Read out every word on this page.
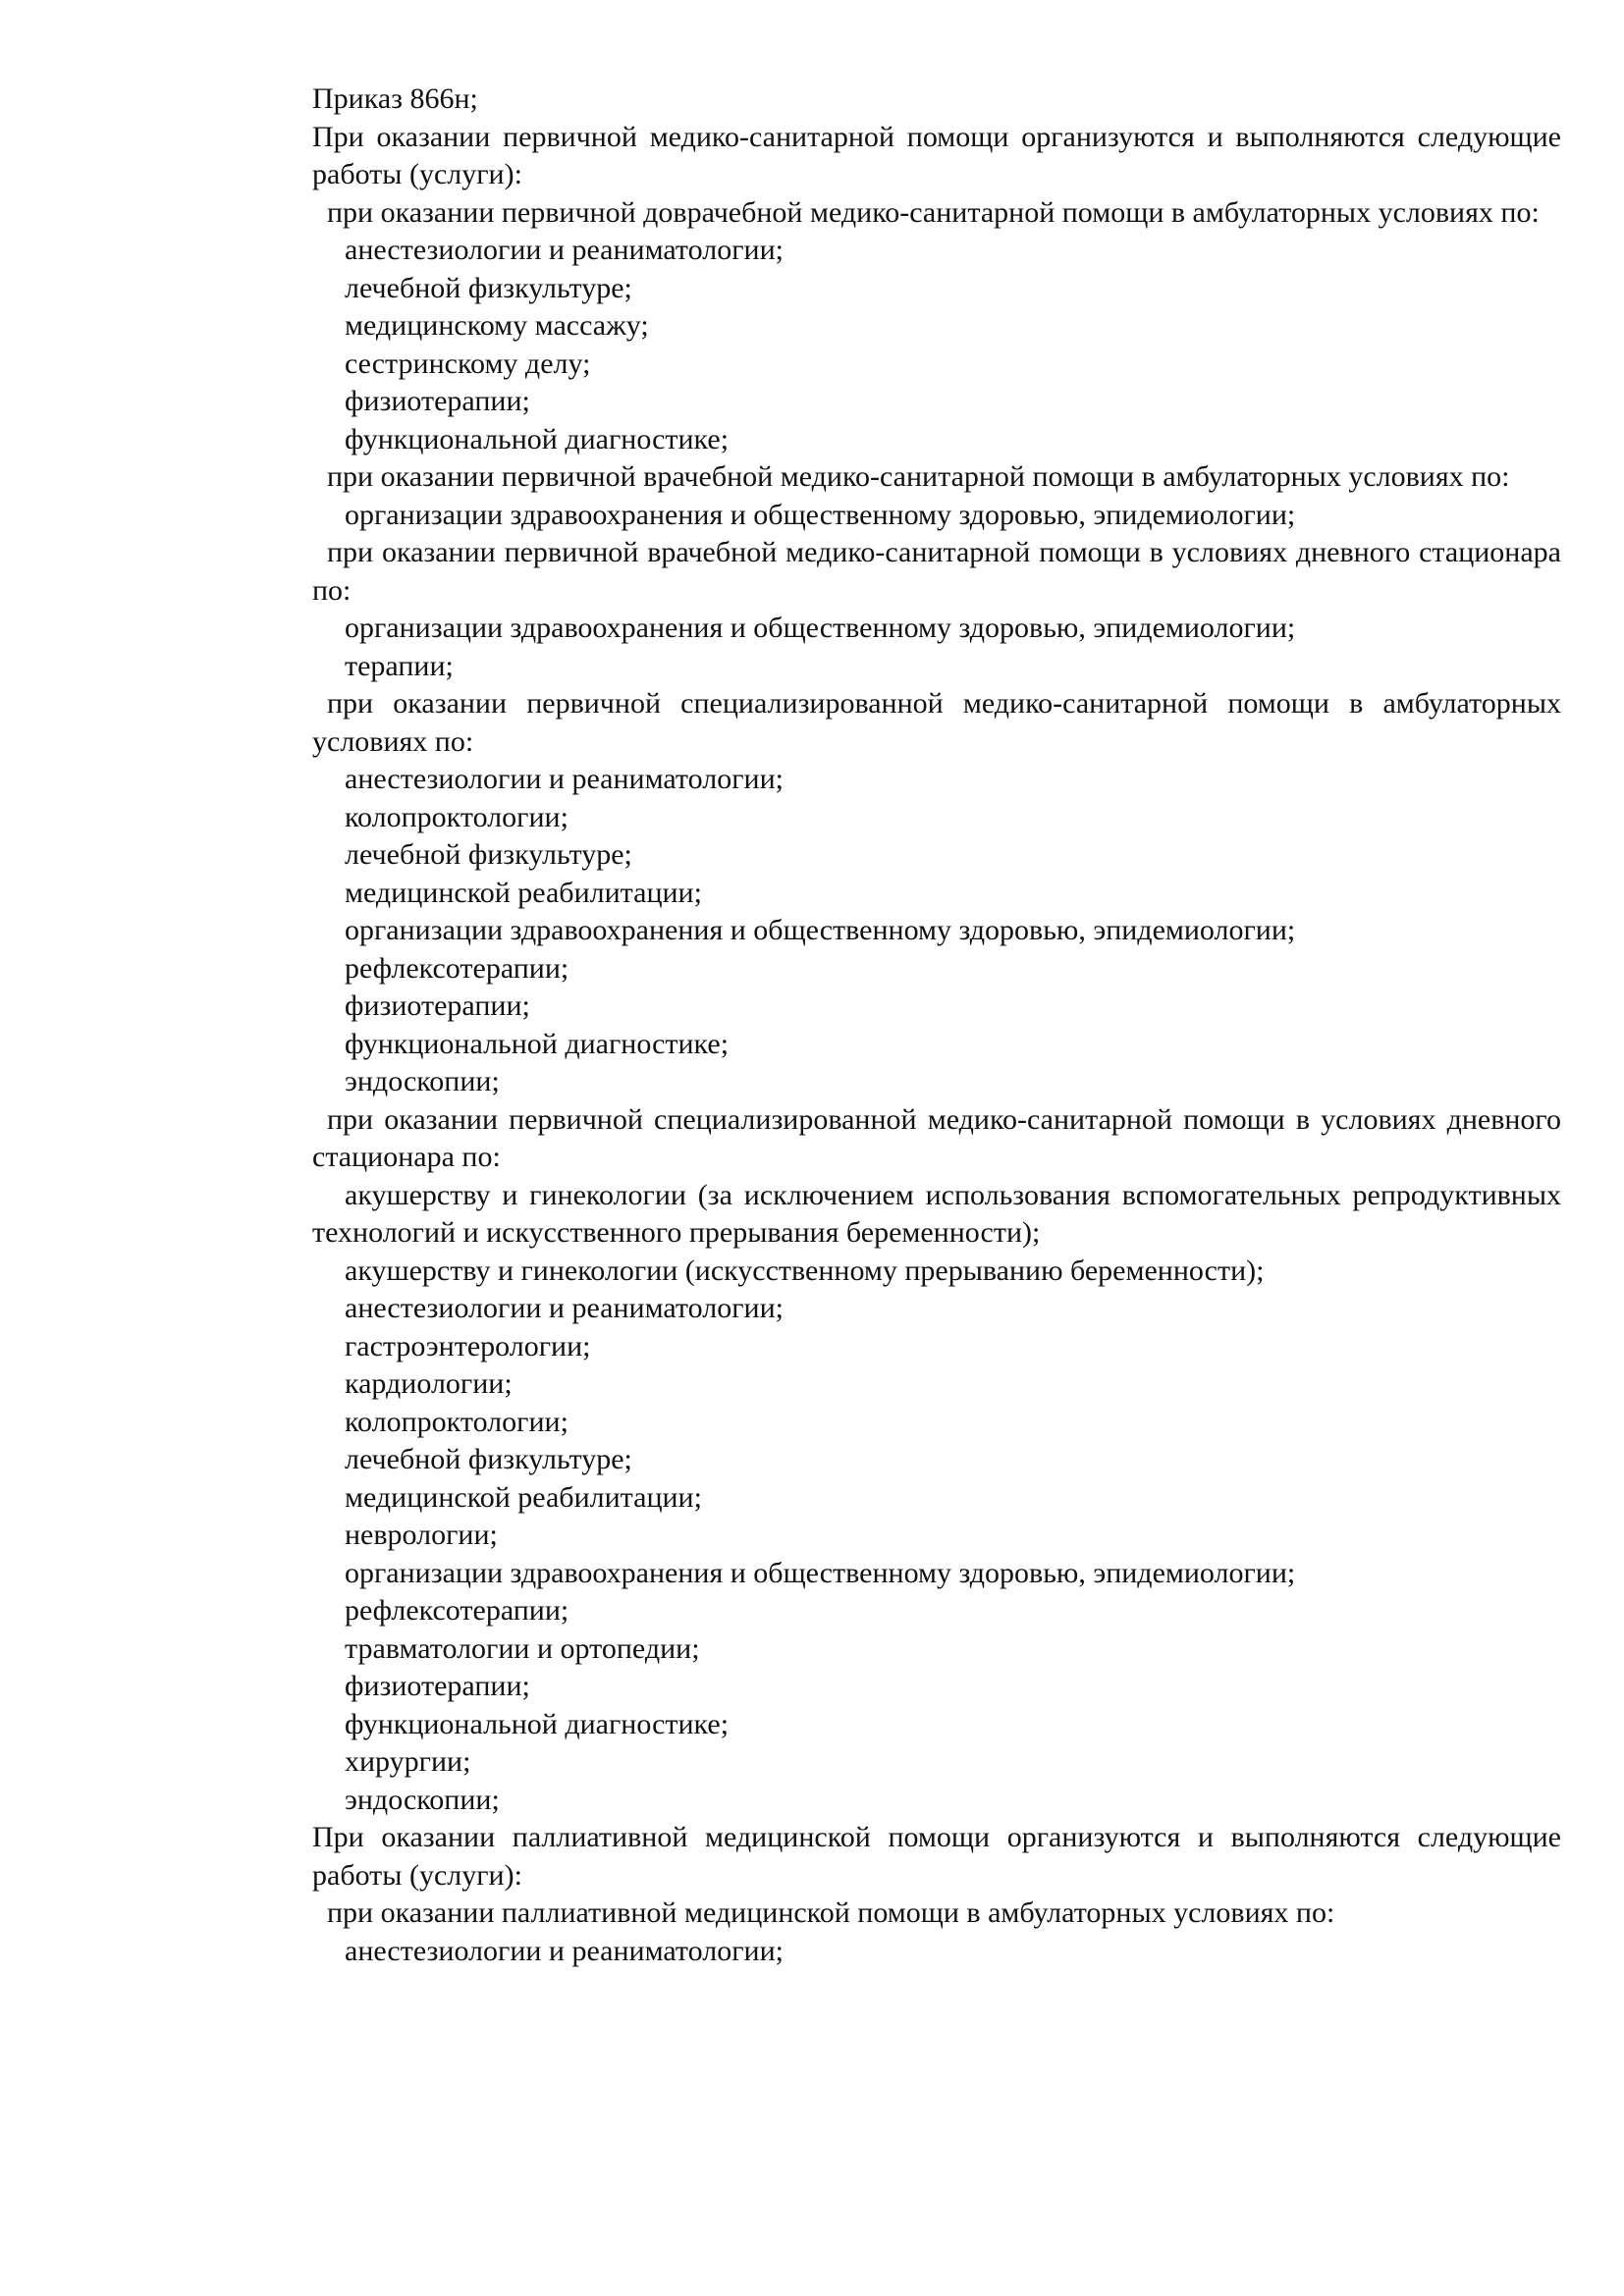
Приказ 866н;

При оказании первичной медико-санитарной помощи организуются и выполняются следующие работы (услуги):

при оказании первичной доврачебной медико-санитарной помощи в амбулаторных условиях по:

анестезиологии и реаниматологии;

лечебной физкультуре;

медицинскому массажу;

сестринскому делу;

физиотерапии;

функциональной диагностике;

при оказании первичной врачебной медико-санитарной помощи в амбулаторных условиях по:

организации здравоохранения и общественному здоровью, эпидемиологии;

при оказании первичной врачебной медико-санитарной помощи в условиях дневного стационара по:

организации здравоохранения и общественному здоровью, эпидемиологии;

терапии;

при оказании первичной специализированной медико-санитарной помощи в амбулаторных условиях по:

анестезиологии и реаниматологии;

колопроктологии;

лечебной физкультуре;

медицинской реабилитации;

организации здравоохранения и общественному здоровью, эпидемиологии;

рефлексотерапии;

физиотерапии;

функциональной диагностике;

эндоскопии;

при оказании первичной специализированной медико-санитарной помощи в условиях дневного стационара по:

акушерству и гинекологии (за исключением использования вспомогательных репродуктивных технологий и искусственного прерывания беременности);

акушерству и гинекологии (искусственному прерыванию беременности);

анестезиологии и реаниматологии;

гастроэнтерологии;

кардиологии;

колопроктологии;

лечебной физкультуре;

медицинской реабилитации;

неврологии;

организации здравоохранения и общественному здоровью, эпидемиологии;

рефлексотерапии;

травматологии и ортопедии;

физиотерапии;

функциональной диагностике;

хирургии;

эндоскопии;

При оказании паллиативной медицинской помощи организуются и выполняются следующие работы (услуги):

при оказании паллиативной медицинской помощи в амбулаторных условиях по:

анестезиологии и реаниматологии;
